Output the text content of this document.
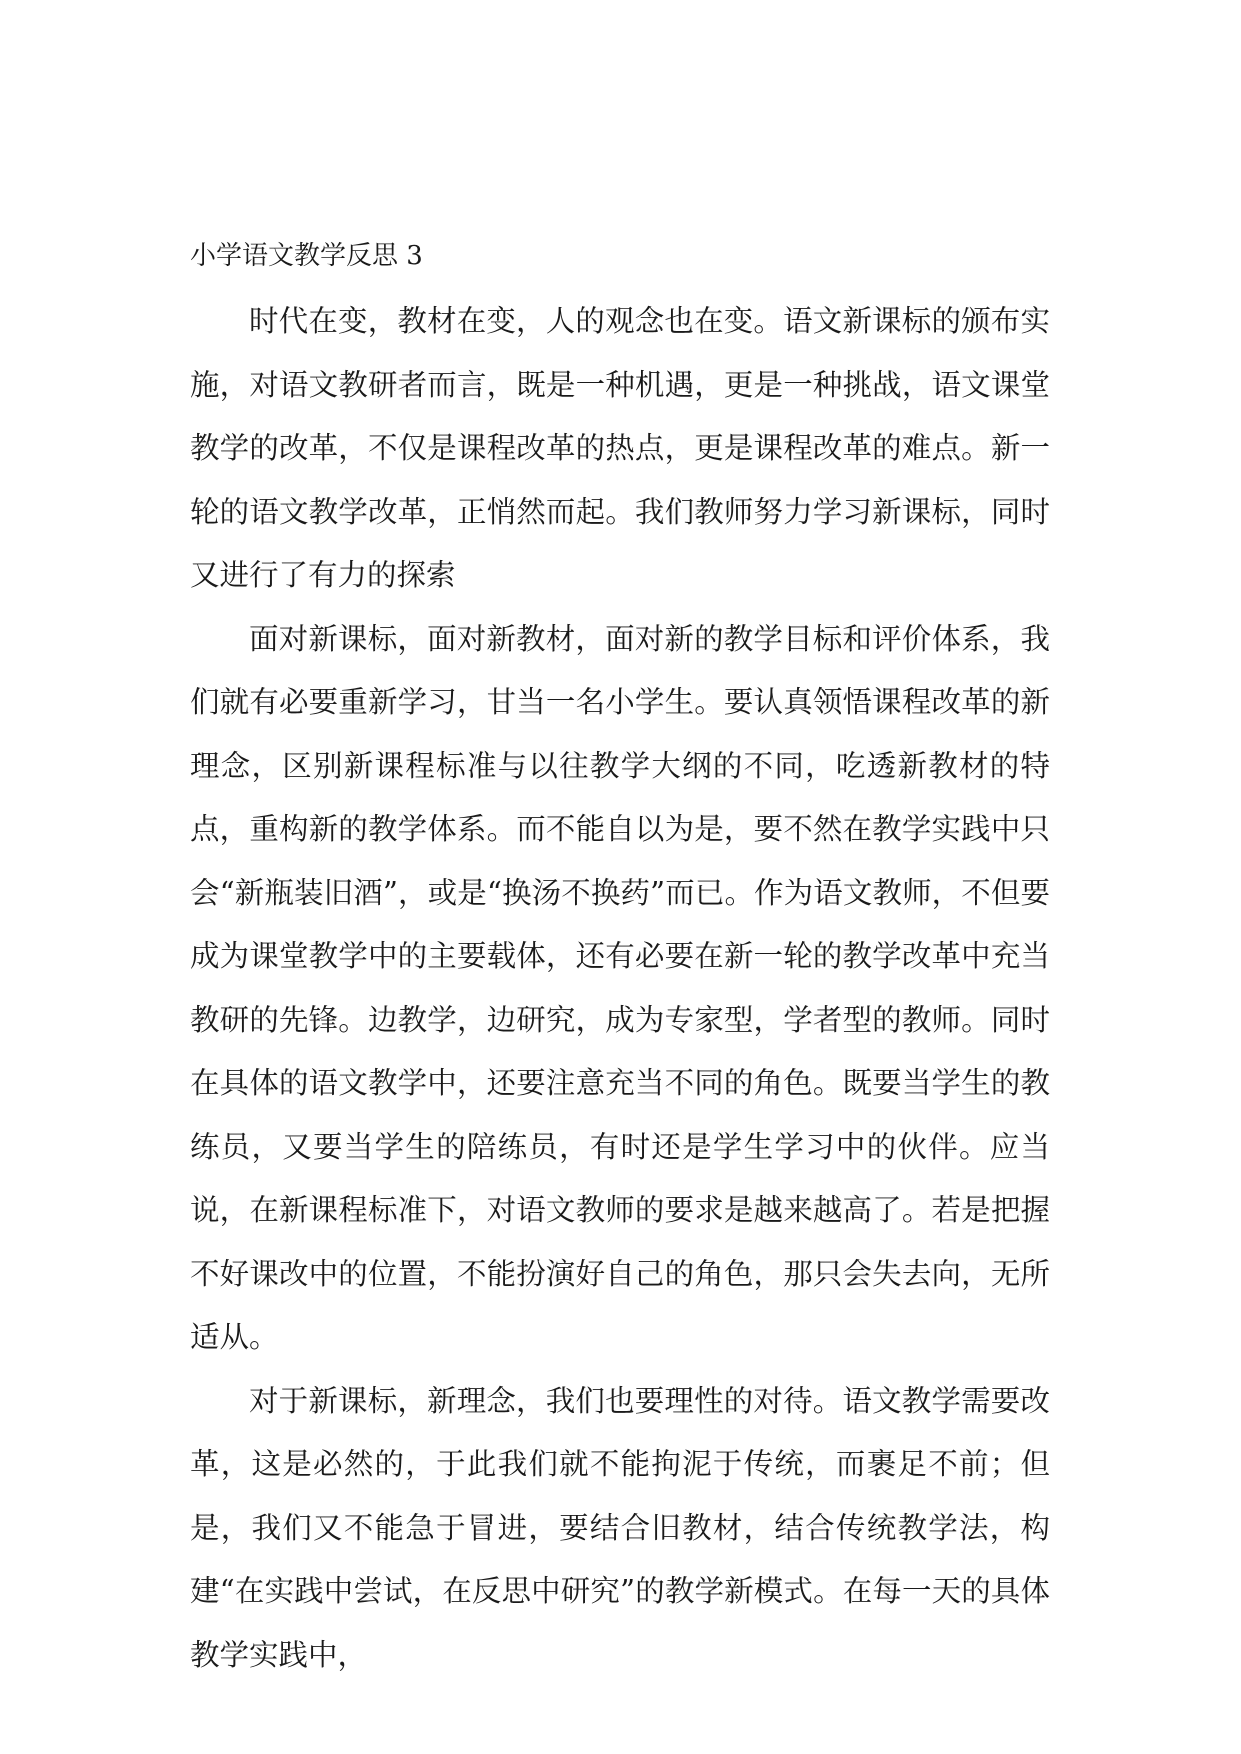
小学语文教学反思 3

时代在变，教材在变，人的观念也在变。语文新课标的颁布实施，对语文教研者而言，既是一种机遇，更是一种挑战，语文课堂教学的改革，不仅是课程改革的热点，更是课程改革的难点。新一轮的语文教学改革，正悄然而起。我们教师努力学习新课标，同时又进行了有力的探索

面对新课标，面对新教材，面对新的教学目标和评价体系，我们就有必要重新学习，甘当一名小学生。要认真领悟课程改革的新理念，区别新课程标准与以往教学大纲的不同，吃透新教材的特点，重构新的教学体系。而不能自以为是，要不然在教学实践中只会“新瓶装旧酒”，或是“换汤不换药”而已。作为语文教师，不但要成为课堂教学中的主要载体，还有必要在新一轮的教学改革中充当教研的先锋。边教学，边研究，成为专家型，学者型的教师。同时在具体的语文教学中，还要注意充当不同的角色。既要当学生的教练员，又要当学生的陪练员，有时还是学生学习中的伙伴。应当说，在新课程标准下，对语文教师的要求是越来越高了。若是把握不好课改中的位置，不能扮演好自己的角色，那只会失去向，无所适从。

对于新课标，新理念，我们也要理性的对待。语文教学需要改革，这是必然的，于此我们就不能拘泥于传统，而裹足不前；但是，我们又不能急于冒进，要结合旧教材，结合传统教学法，构建“在实践中尝试，在反思中研究”的教学新模式。在每一天的具体教学实践中，
